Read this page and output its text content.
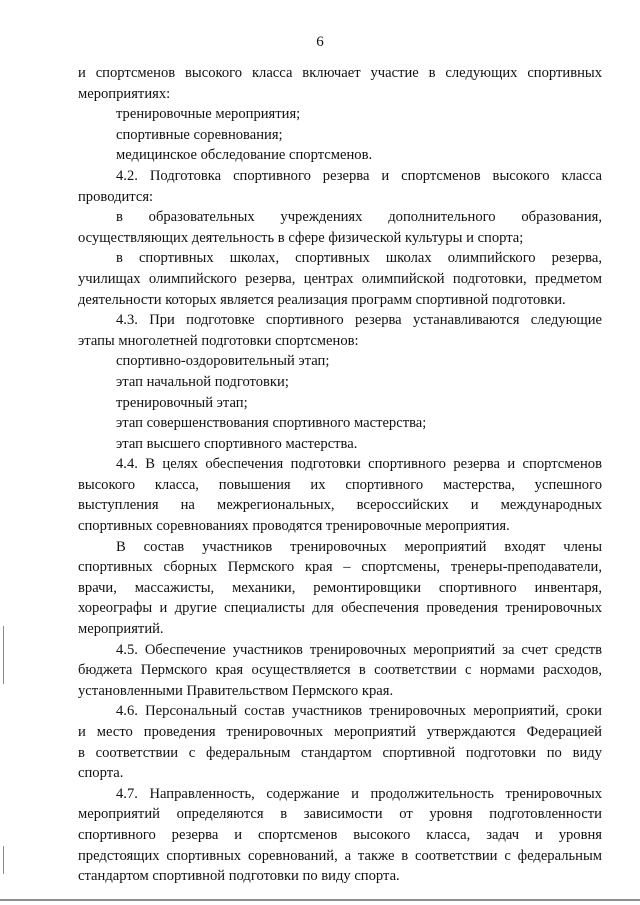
6
и спортсменов высокого класса включает участие в следующих спортивных
мероприятиях:
тренировочные мероприятия;
спортивные соревнования;
медицинское обследование спортсменов.
4.2. Подготовка спортивного резерва и спортсменов высокого класса
проводится:
в образовательных учреждениях дополнительного образования,
осуществляющих деятельность в сфере физической культуры и спорта;
в спортивных школах, спортивных школах олимпийского резерва,
училищах олимпийского резерва, центрах олимпийской подготовки, предметом
деятельности которых является реализация программ спортивной подготовки.
4.3. При подготовке спортивного резерва устанавливаются следующие
этапы многолетней подготовки спортсменов:
спортивно-оздоровительный этап;
этап начальной подготовки;
тренировочный этап;
этап совершенствования спортивного мастерства;
этап высшего спортивного мастерства.
4.4. В целях обеспечения подготовки спортивного резерва и спортсменов
высокого класса, повышения их спортивного мастерства, успешного
выступления на межрегиональных, всероссийских и международных
спортивных соревнованиях проводятся тренировочные мероприятия.
В состав участников тренировочных мероприятий входят члены
спортивных сборных Пермского края – спортсмены, тренеры-преподаватели,
врачи, массажисты, механики, ремонтировщики спортивного инвентаря,
хореографы и другие специалисты для обеспечения проведения тренировочных
мероприятий.
4.5. Обеспечение участников тренировочных мероприятий за счет средств
бюджета Пермского края осуществляется в соответствии с нормами расходов,
установленными Правительством Пермского края.
4.6. Персональный состав участников тренировочных мероприятий, сроки
и место проведения тренировочных мероприятий утверждаются Федерацией
в соответствии с федеральным стандартом спортивной подготовки по виду
спорта.
4.7. Направленность, содержание и продолжительность тренировочных
мероприятий определяются в зависимости от уровня подготовленности
спортивного резерва и спортсменов высокого класса, задач и уровня
предстоящих спортивных соревнований, а также в соответствии с федеральным
стандартом спортивной подготовки по виду спорта.
